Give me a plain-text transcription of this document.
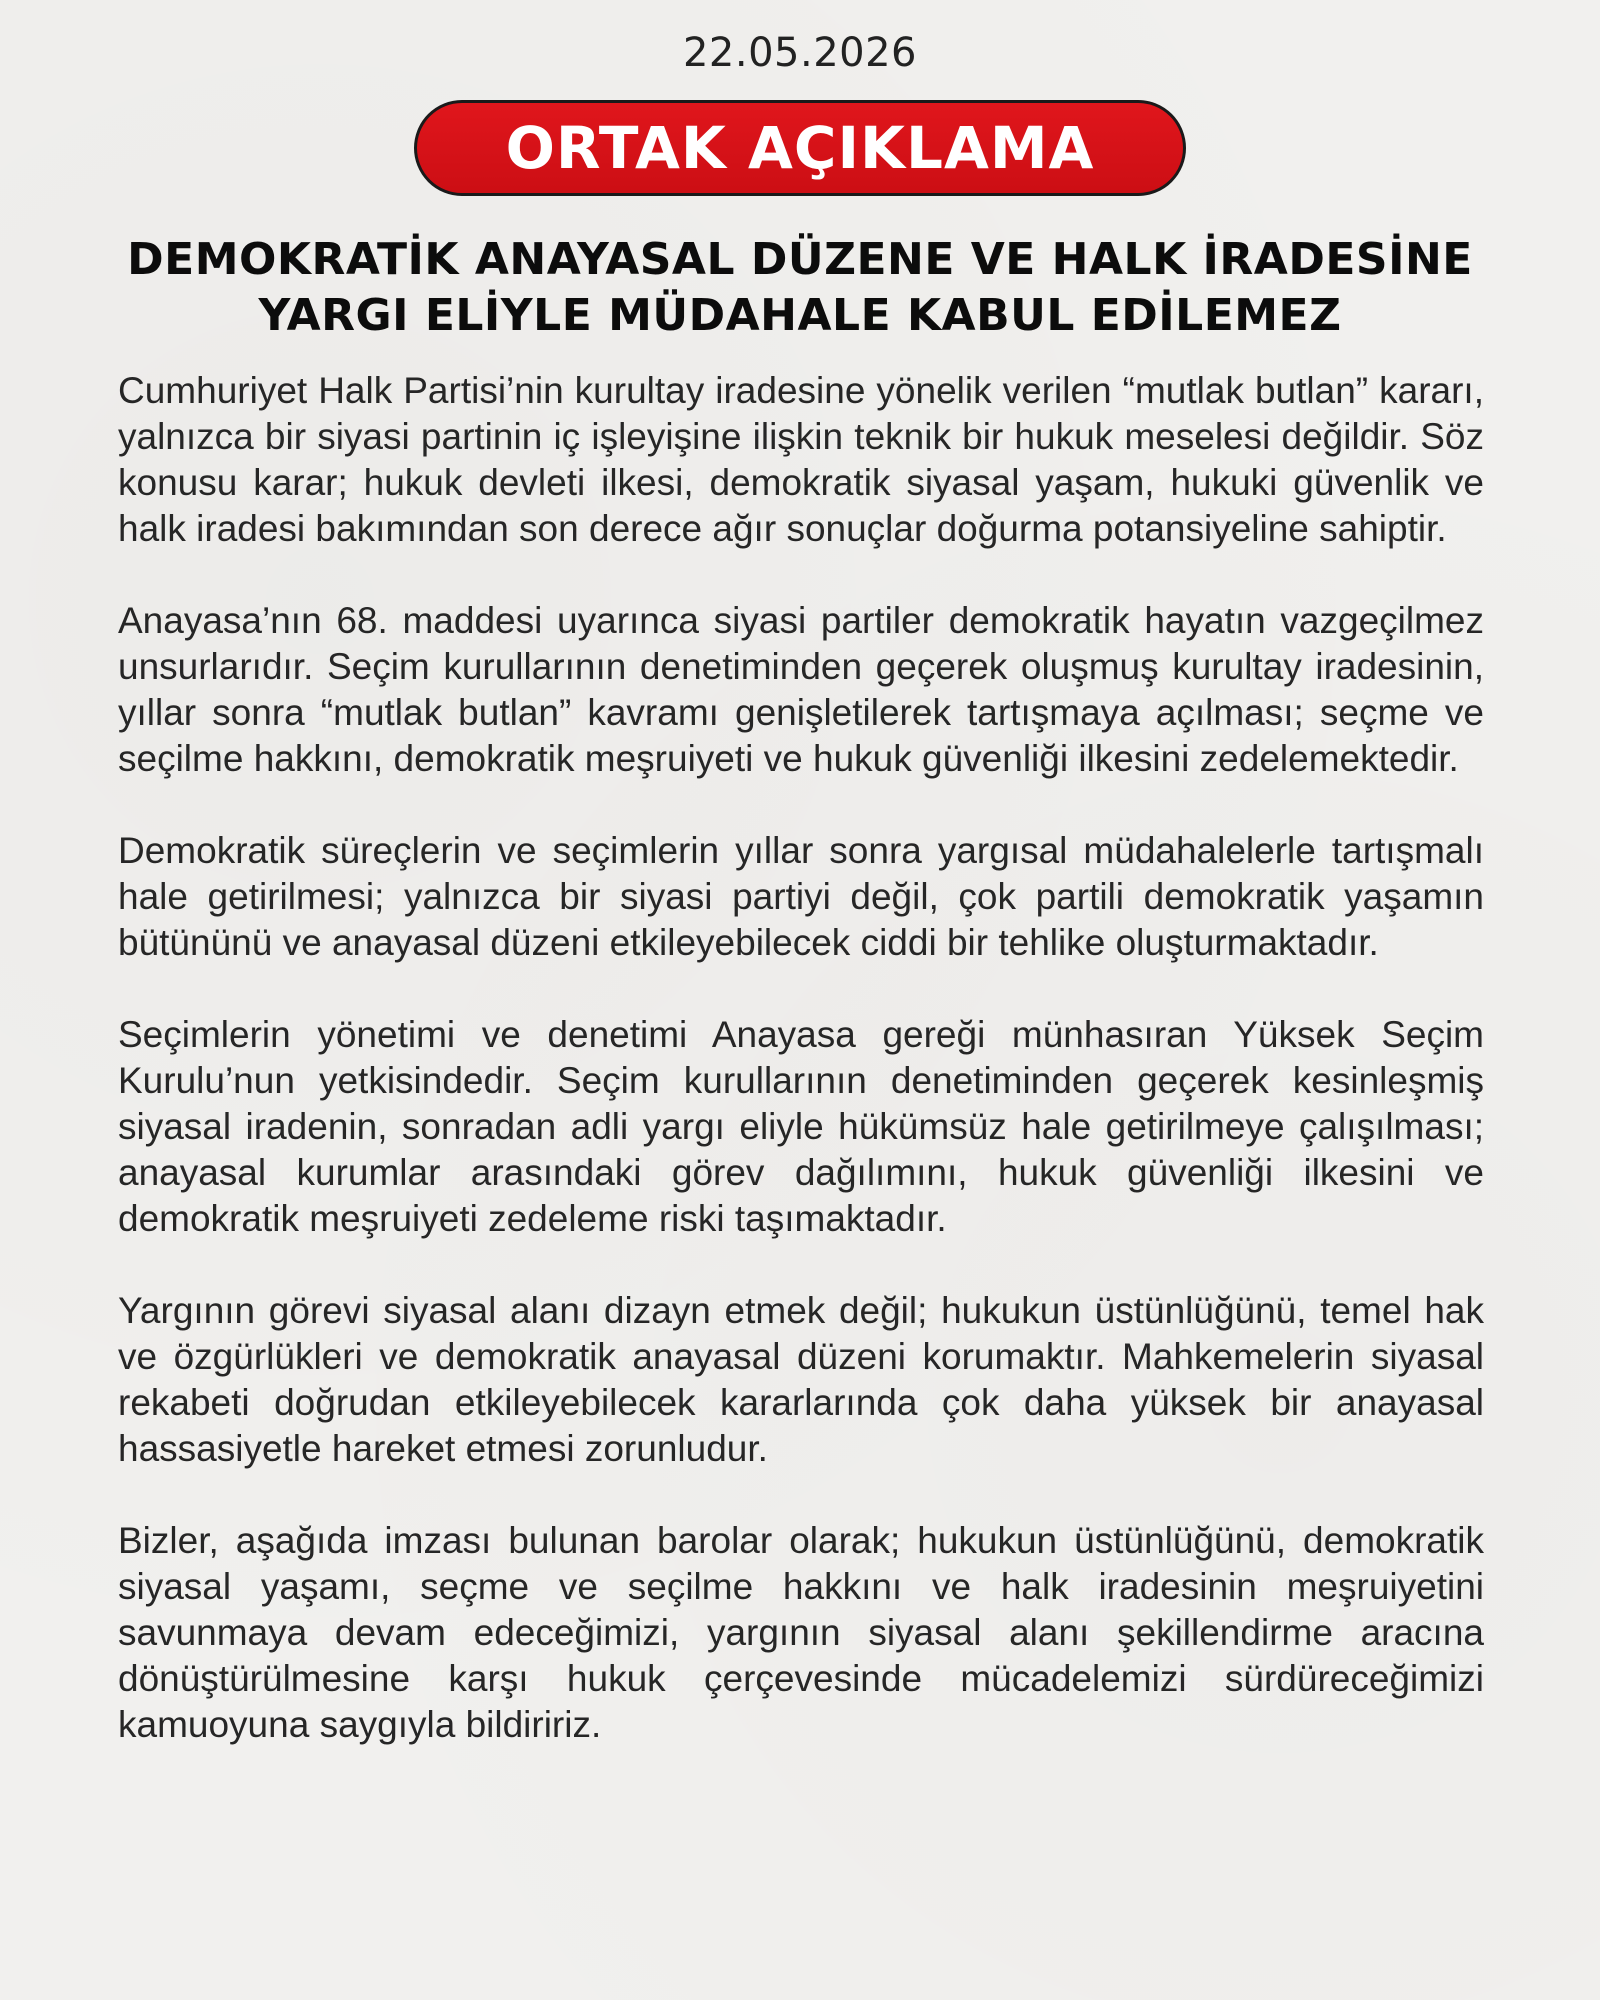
22.05.2026
ORTAK AÇIKLAMA
DEMOKRATİK ANAYASAL DÜZENE VE HALK İRADESİNE
YARGI ELİYLE MÜDAHALE KABUL EDİLEMEZ

Cumhuriyet Halk Partisi’nin kurultay iradesine yönelik verilen “mutlak butlan” kararı, yalnızca bir siyasi partinin iç işleyişine ilişkin teknik bir hukuk meselesi değildir. Söz konusu karar; hukuk devleti ilkesi, demokratik siyasal yaşam, hukuki güvenlik ve halk iradesi bakımından son derece ağır sonuçlar doğurma potansiyeline sahiptir.

Anayasa’nın 68. maddesi uyarınca siyasi partiler demokratik hayatın vazgeçilmez unsurlarıdır. Seçim kurullarının denetiminden geçerek oluşmuş kurultay iradesinin, yıllar sonra “mutlak butlan” kavramı genişletilerek tartışmaya açılması; seçme ve seçilme hakkını, demokratik meşruiyeti ve hukuk güvenliği ilkesini zedelemektedir.

Demokratik süreçlerin ve seçimlerin yıllar sonra yargısal müdahalelerle tartışmalı hale getirilmesi; yalnızca bir siyasi partiyi değil, çok partili demokratik yaşamın bütününü ve anayasal düzeni etkileyebilecek ciddi bir tehlike oluşturmaktadır.

Seçimlerin yönetimi ve denetimi Anayasa gereği münhasıran Yüksek Seçim Kurulu’nun yetkisindedir. Seçim kurullarının denetiminden geçerek kesinleşmiş siyasal iradenin, sonradan adli yargı eliyle hükümsüz hale getirilmeye çalışılması; anayasal kurumlar arasındaki görev dağılımını, hukuk güvenliği ilkesini ve demokratik meşruiyeti zedeleme riski taşımaktadır.

Yargının görevi siyasal alanı dizayn etmek değil; hukukun üstünlüğünü, temel hak ve özgürlükleri ve demokratik anayasal düzeni korumaktır. Mahkemelerin siyasal rekabeti doğrudan etkileyebilecek kararlarında çok daha yüksek bir anayasal hassasiyetle hareket etmesi zorunludur.

Bizler, aşağıda imzası bulunan barolar olarak; hukukun üstünlüğünü, demokratik siyasal yaşamı, seçme ve seçilme hakkını ve halk iradesinin meşruiyetini savunmaya devam edeceğimizi, yargının siyasal alanı şekillendirme aracına dönüştürülmesine karşı hukuk çerçevesinde mücadelemizi sürdüreceğimizi kamuoyuna saygıyla bildiririz.
